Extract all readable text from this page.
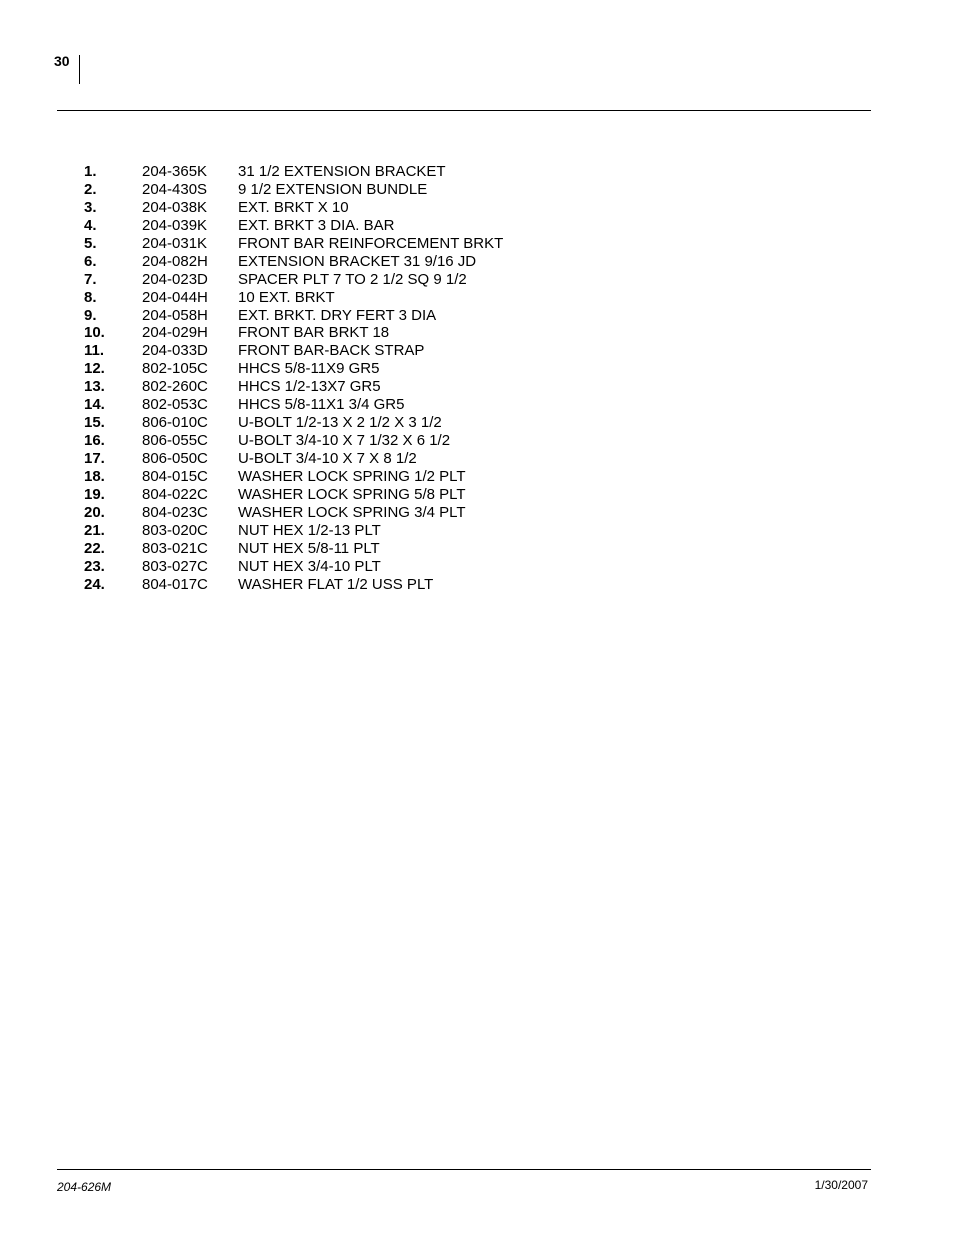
30
1.	204-365K	31 1/2 EXTENSION BRACKET
2.	204-430S	9 1/2 EXTENSION BUNDLE
3.	204-038K	EXT. BRKT X 10
4.	204-039K	EXT. BRKT 3 DIA. BAR
5.	204-031K	FRONT BAR REINFORCEMENT BRKT
6.	204-082H	EXTENSION BRACKET 31 9/16 JD
7.	204-023D	SPACER PLT 7 TO 2 1/2 SQ 9 1/2
8.	204-044H	10 EXT. BRKT
9.	204-058H	EXT. BRKT. DRY FERT 3 DIA
10.	204-029H	FRONT BAR BRKT 18
11.	204-033D	FRONT BAR-BACK STRAP
12.	802-105C	HHCS 5/8-11X9 GR5
13.	802-260C	HHCS 1/2-13X7 GR5
14.	802-053C	HHCS 5/8-11X1 3/4 GR5
15.	806-010C	U-BOLT 1/2-13 X 2 1/2 X 3 1/2
16.	806-055C	U-BOLT 3/4-10 X 7 1/32 X 6 1/2
17.	806-050C	U-BOLT 3/4-10 X 7 X 8 1/2
18.	804-015C	WASHER LOCK SPRING 1/2 PLT
19.	804-022C	WASHER LOCK SPRING 5/8 PLT
20.	804-023C	WASHER LOCK SPRING 3/4 PLT
21.	803-020C	NUT HEX 1/2-13 PLT
22.	803-021C	NUT HEX 5/8-11 PLT
23.	803-027C	NUT HEX 3/4-10 PLT
24.	804-017C	WASHER FLAT 1/2 USS PLT
204-626M	1/30/2007
